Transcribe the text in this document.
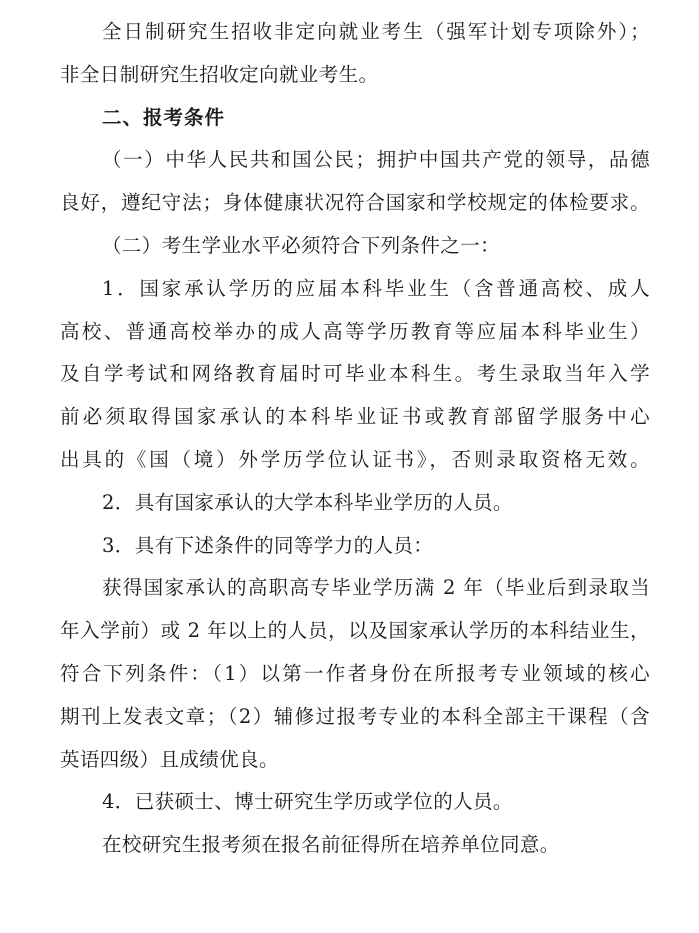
全日制研究生招收非定向就业考生（强军计划专项除外）；
非全日制研究生招收定向就业考生。
二、报考条件
（一）中华人民共和国公民；拥护中国共产党的领导，品德
良好，遵纪守法；身体健康状况符合国家和学校规定的体检要求。
（二）考生学业水平必须符合下列条件之一：
1．国家承认学历的应届本科毕业生（含普通高校、成人
高校、普通高校举办的成人高等学历教育等应届本科毕业生）
及自学考试和网络教育届时可毕业本科生。考生录取当年入学
前必须取得国家承认的本科毕业证书或教育部留学服务中心
出具的《国（境）外学历学位认证书》，否则录取资格无效。
2．具有国家承认的大学本科毕业学历的人员。
3．具有下述条件的同等学力的人员：
获得国家承认的高职高专毕业学历满 2 年（毕业后到录取当
年入学前）或 2 年以上的人员，以及国家承认学历的本科结业生，
符合下列条件：（1）以第一作者身份在所报考专业领域的核心
期刊上发表文章；（2）辅修过报考专业的本科全部主干课程（含
英语四级）且成绩优良。
4．已获硕士、博士研究生学历或学位的人员。
在校研究生报考须在报名前征得所在培养单位同意。
